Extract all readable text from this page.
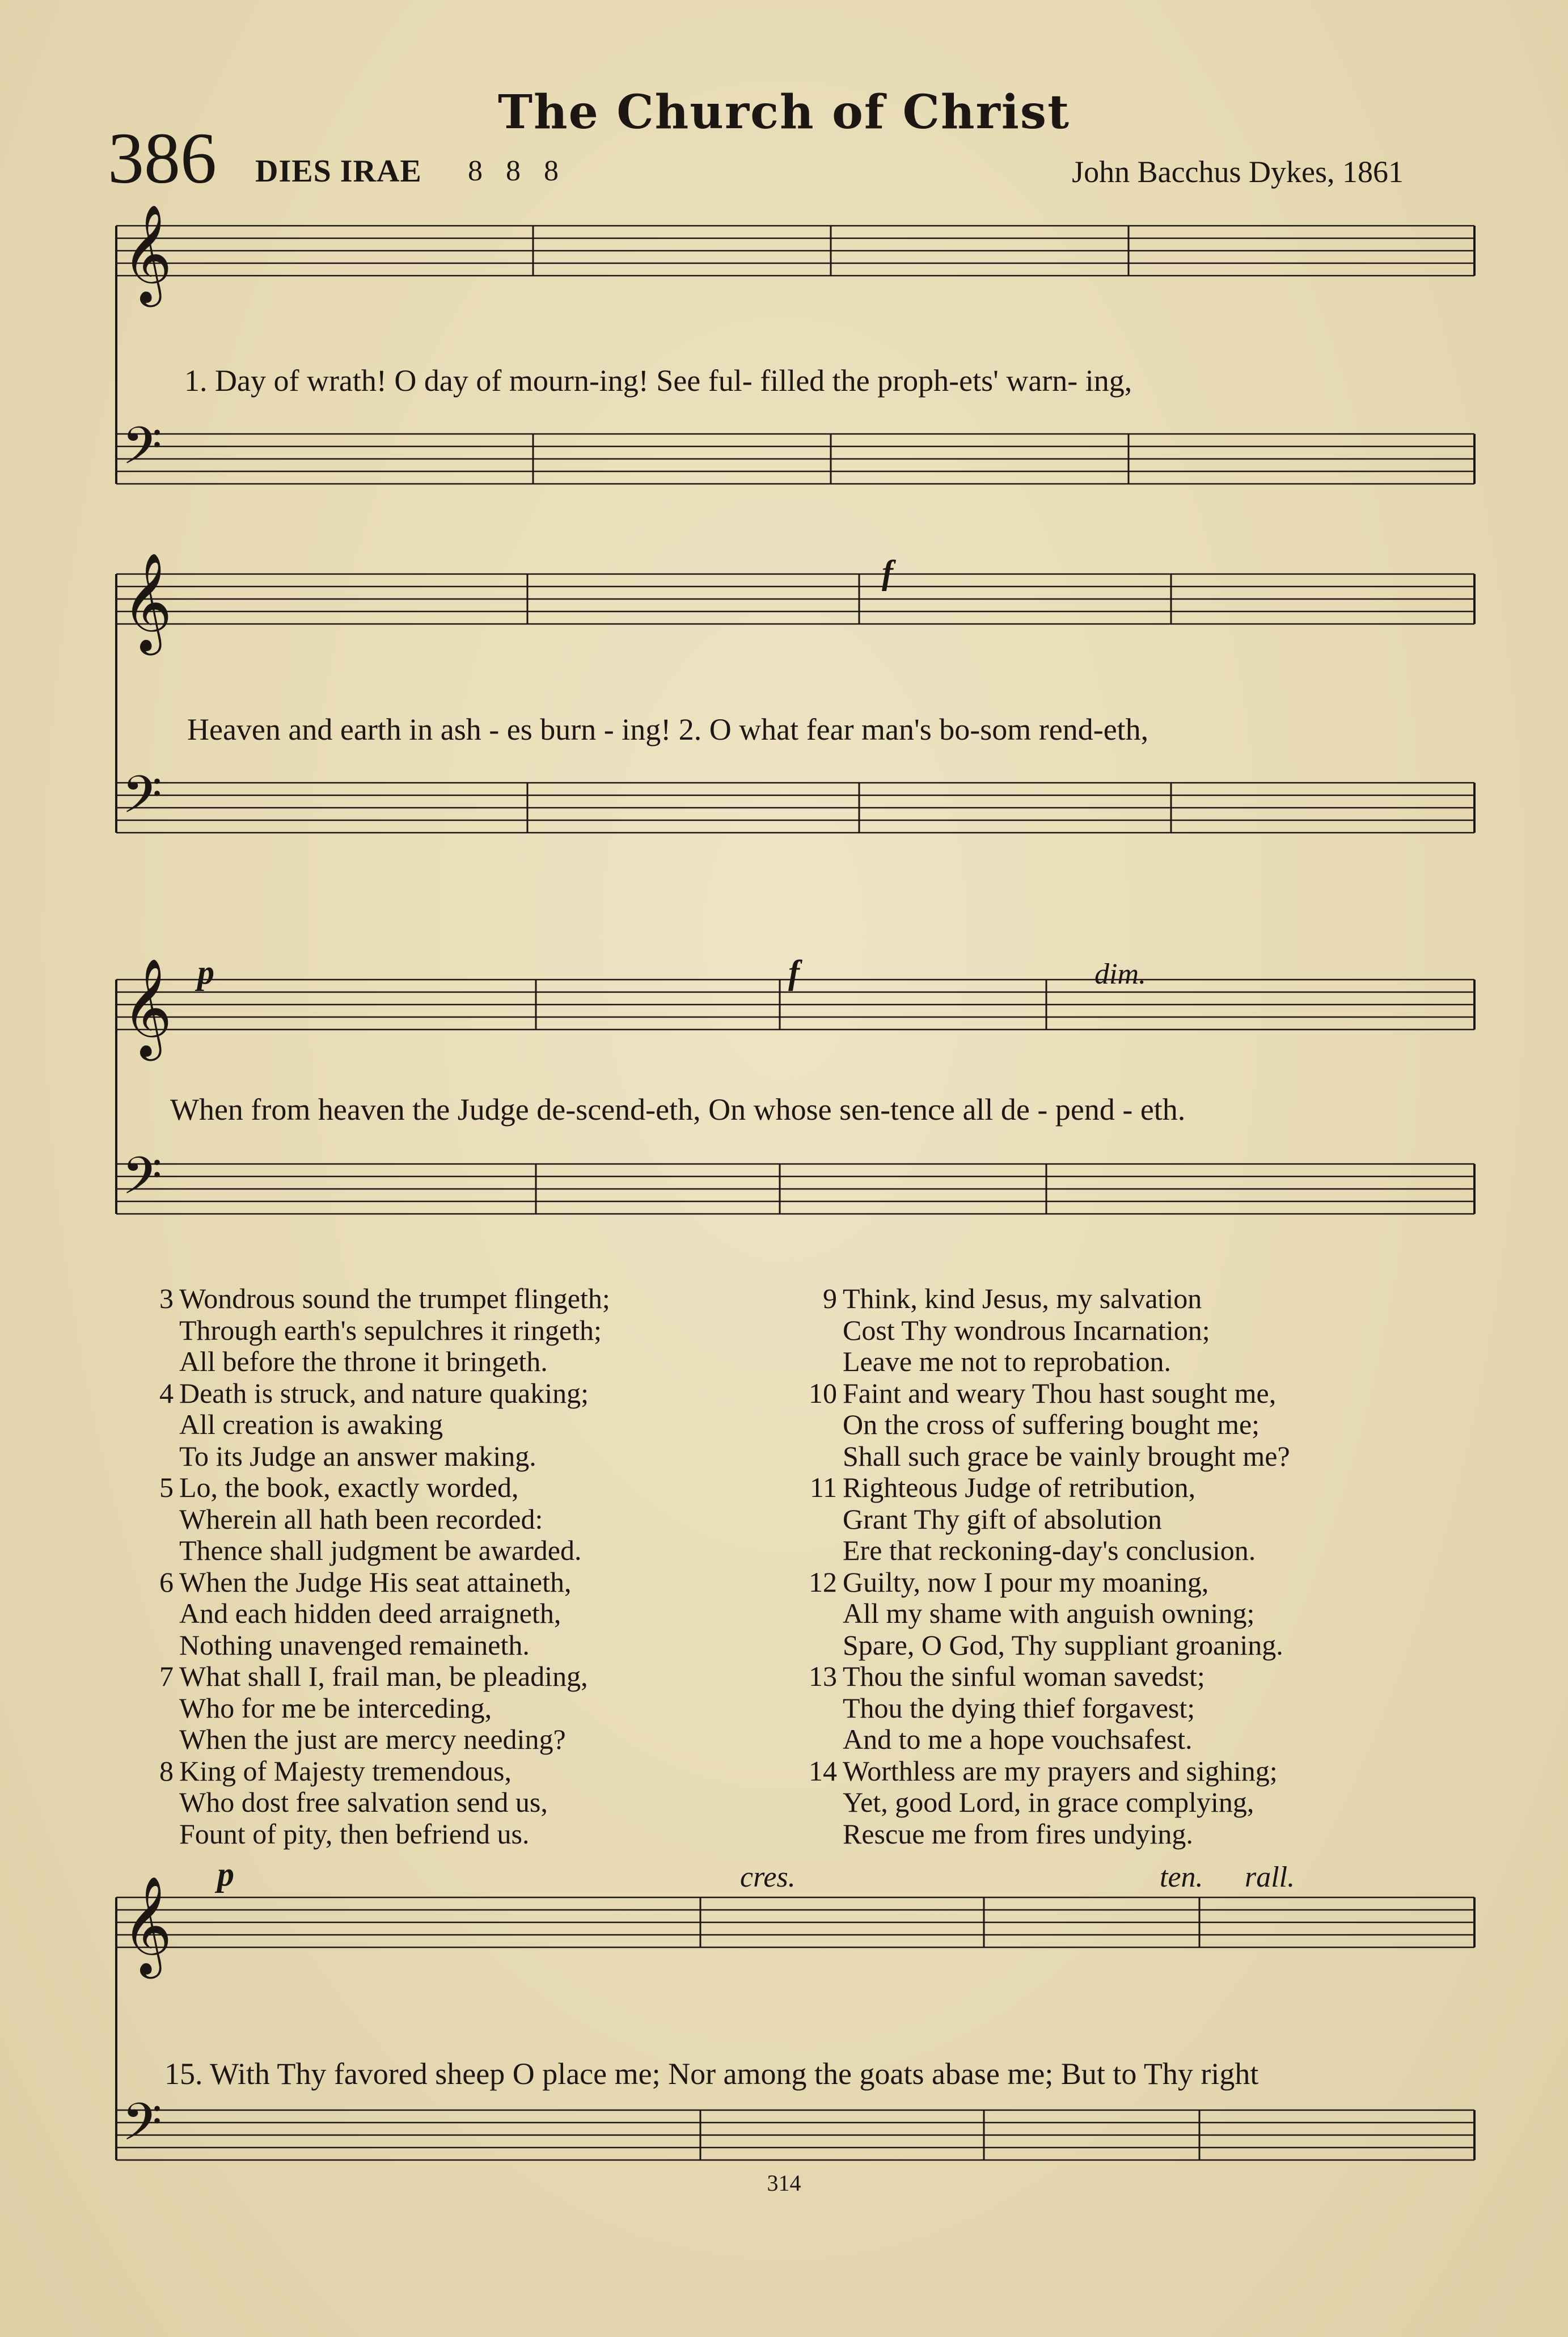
The Church of Christ
386 DIES IRAE 8 8 8	John Bacchus Dykes, 1861
𝄞
𝄢
𝄞
𝄢
𝄞
𝄢
𝄞
𝄢
1. Day of wrath! O day of mourn-ing! See ful- filled the proph-ets' warn- ing,
Heaven and earth in ash - es burn - ing! 2. O what fear man's bo-som rend-eth,
When from heaven the Judge de-scend-eth, On whose sen-tence all de - pend - eth.
15. With Thy favored sheep O place me; Nor among the goats abase me; But to Thy right
f
p	f	dim.
p	cres.	ten. rall.
3 Wondrous sound the trumpet flingeth;
Through earth's sepulchres it ringeth;
All before the throne it bringeth.
4 Death is struck, and nature quaking;
All creation is awaking
To its Judge an answer making.
5 Lo, the book, exactly worded,
Wherein all hath been recorded:
Thence shall judgment be awarded.
6 When the Judge His seat attaineth,
And each hidden deed arraigneth,
Nothing unavenged remaineth.
7 What shall I, frail man, be pleading,
Who for me be interceding,
When the just are mercy needing?
8 King of Majesty tremendous,
Who dost free salvation send us,
Fount of pity, then befriend us.
9 Think, kind Jesus, my salvation
Cost Thy wondrous Incarnation;
Leave me not to reprobation.
10 Faint and weary Thou hast sought me,
On the cross of suffering bought me;
Shall such grace be vainly brought me?
11 Righteous Judge of retribution,
Grant Thy gift of absolution
Ere that reckoning-day's conclusion.
12 Guilty, now I pour my moaning,
All my shame with anguish owning;
Spare, O God, Thy suppliant groaning.
13 Thou the sinful woman savedst;
Thou the dying thief forgavest;
And to me a hope vouchsafest.
14 Worthless are my prayers and sighing;
Yet, good Lord, in grace complying,
Rescue me from fires undying.
314
